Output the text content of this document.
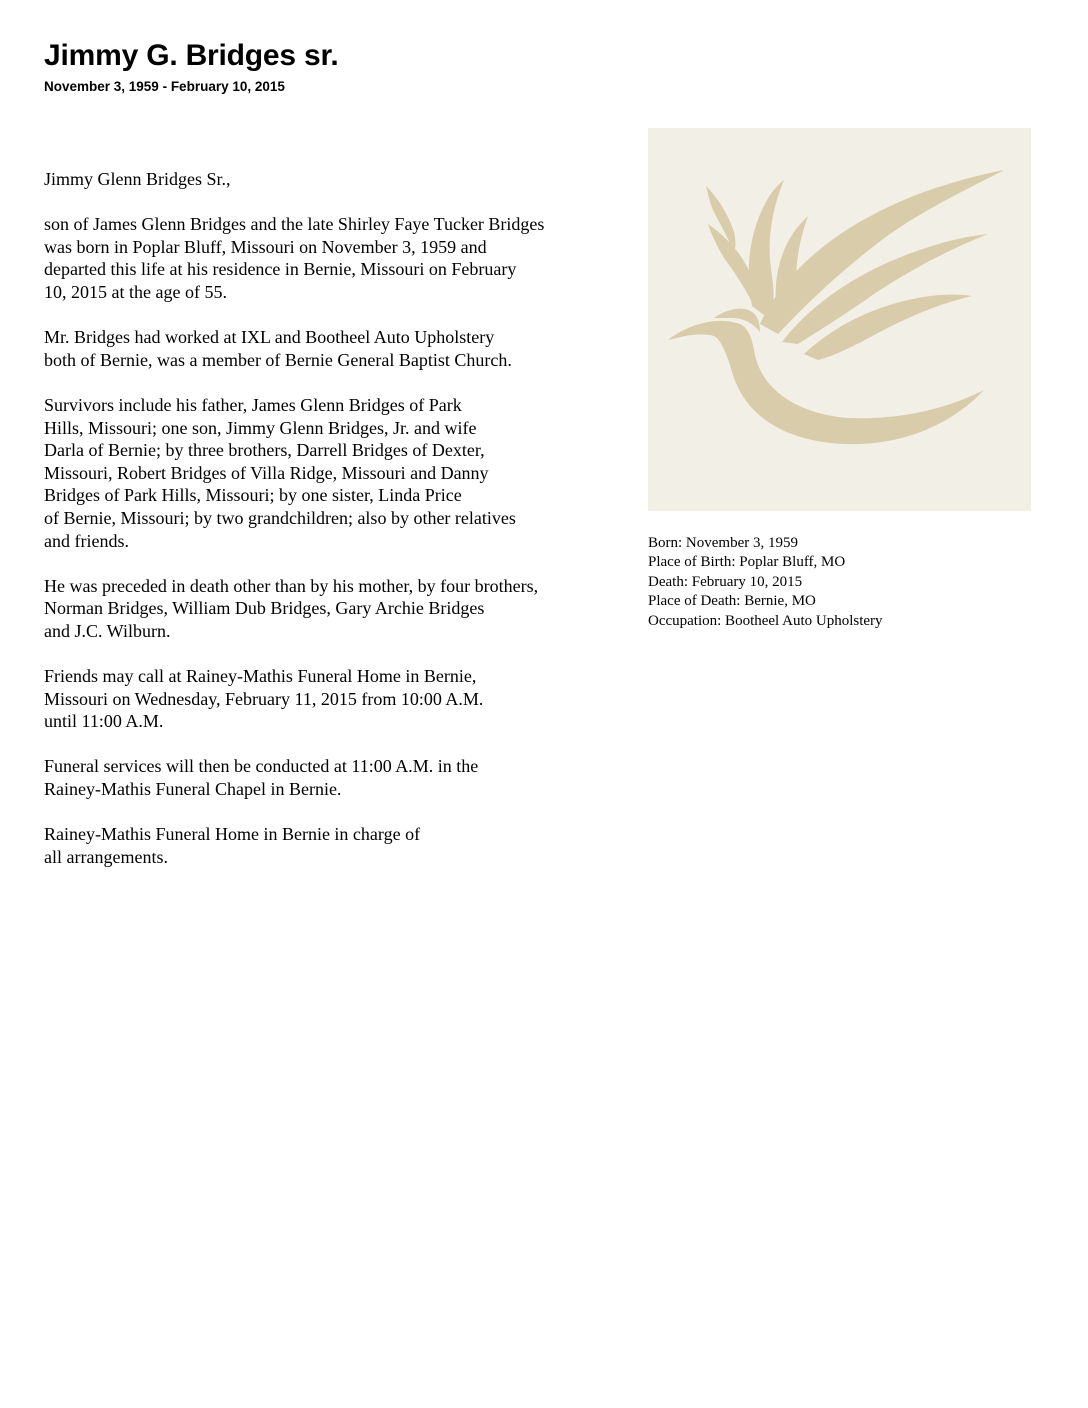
Jimmy G. Bridges sr.
November 3, 1959 - February 10, 2015

Jimmy Glenn Bridges Sr.,

son of James Glenn Bridges and the late Shirley Faye Tucker Bridges
was born in Poplar Bluff, Missouri on November 3, 1959 and
departed this life at his residence in Bernie, Missouri on February
10, 2015 at the age of 55.

Mr. Bridges had worked at IXL and Bootheel Auto Upholstery
both of Bernie, was a member of Bernie General Baptist Church.

Survivors include his father, James Glenn Bridges of Park
Hills, Missouri; one son, Jimmy Glenn Bridges, Jr. and wife
Darla of Bernie; by three brothers, Darrell Bridges of Dexter,
Missouri, Robert Bridges of Villa Ridge, Missouri and Danny
Bridges of Park Hills, Missouri; by one sister, Linda Price
of Bernie, Missouri; by two grandchildren; also by other relatives
and friends.

He was preceded in death other than by his mother, by four brothers,
Norman Bridges, William Dub Bridges, Gary Archie Bridges
and J.C. Wilburn.

Friends may call at Rainey-Mathis Funeral Home in Bernie,
Missouri on Wednesday, February 11, 2015 from 10:00 A.M.
until 11:00 A.M.

Funeral services will then be conducted at 11:00 A.M. in the
Rainey-Mathis Funeral Chapel in Bernie.

Rainey-Mathis Funeral Home in Bernie in charge of
all arrangements.

Born: November 3, 1959
Place of Birth: Poplar Bluff, MO
Death: February 10, 2015
Place of Death: Bernie, MO
Occupation: Bootheel Auto Upholstery
